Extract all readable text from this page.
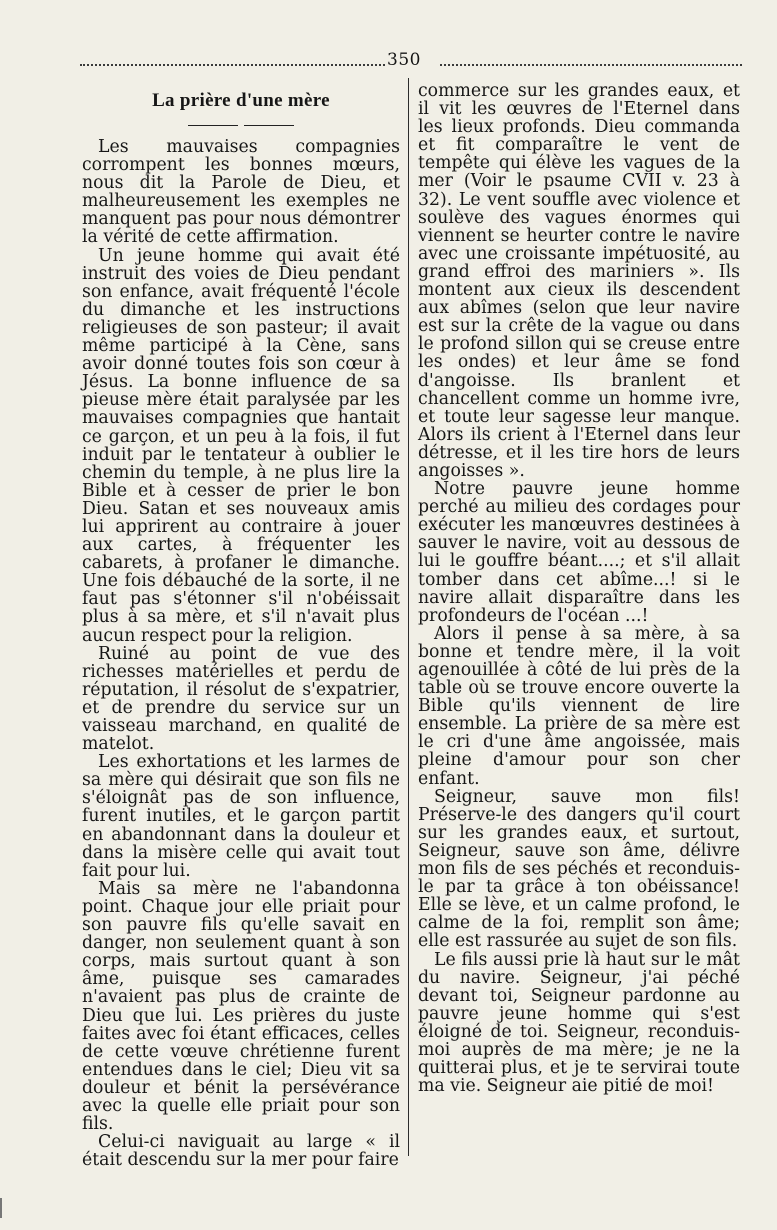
350
La prière d'une mère

Les mauvaises compagnies corrompent les bonnes mœurs, nous dit la Parole de Dieu, et malheureusement les exemples ne manquent pas pour nous démontrer la vérité de cette affirmation.

Un jeune homme qui avait été instruit des voies de Dieu pendant son enfance, avait fréquenté l'école du dimanche et les instructions religieuses de son pasteur; il avait même participé à la Cène, sans avoir donné toutes fois son cœur à Jésus. La bonne influence de sa pieuse mère était paralysée par les mauvaises compagnies que hantait ce garçon, et un peu à la fois, il fut induit par le tentateur à oublier le chemin du temple, à ne plus lire la Bible et à cesser de prier le bon Dieu. Satan et ses nouveaux amis lui apprirent au contraire à jouer aux cartes, à fréquenter les cabarets, à profaner le dimanche. Une fois débauché de la sorte, il ne faut pas s'étonner s'il n'obéissait plus à sa mère, et s'il n'avait plus aucun respect pour la religion.

Ruiné au point de vue des richesses matérielles et perdu de réputation, il résolut de s'expatrier, et de prendre du service sur un vaisseau marchand, en qualité de matelot.

Les exhortations et les larmes de sa mère qui désirait que son fils ne s'éloignât pas de son influence, furent inutiles, et le garçon partit en abandonnant dans la douleur et dans la misère celle qui avait tout fait pour lui.

Mais sa mère ne l'abandonna point. Chaque jour elle priait pour son pauvre fils qu'elle savait en danger, non seulement quant à son corps, mais surtout quant à son âme, puisque ses camarades n'avaient pas plus de crainte de Dieu que lui. Les prières du juste faites avec foi étant efficaces, celles de cette vœuve chrétienne furent entendues dans le ciel; Dieu vit sa douleur et bénit la persévérance avec la quelle elle priait pour son fils.

Celui-ci naviguait au large « il était descendu sur la mer pour faire

commerce sur les grandes eaux, et il vit les œuvres de l'Eternel dans les lieux profonds. Dieu commanda et fit comparaître le vent de tempête qui élève les vagues de la mer (Voir le psaume CVII v. 23 à 32). Le vent souffle avec violence et soulève des vagues énormes qui viennent se heurter contre le navire avec une croissante impétuosité, au grand effroi des mariniers ». Ils montent aux cieux ils descendent aux abîmes (selon que leur navire est sur la crête de la vague ou dans le profond sillon qui se creuse entre les ondes) et leur âme se fond d'angoisse. Ils branlent et chancellent comme un homme ivre, et toute leur sagesse leur manque. Alors ils crient à l'Eternel dans leur détresse, et il les tire hors de leurs angoisses ».

Notre pauvre jeune homme perché au milieu des cordages pour exécuter les manœuvres destinées à sauver le navire, voit au dessous de lui le gouffre béant....; et s'il allait tomber dans cet abîme...! si le navire allait disparaître dans les profondeurs de l'océan ...!

Alors il pense à sa mère, à sa bonne et tendre mère, il la voit agenouillée à côté de lui près de la table où se trouve encore ouverte la Bible qu'ils viennent de lire ensemble. La prière de sa mère est le cri d'une âme angoissée, mais pleine d'amour pour son cher enfant.

Seigneur, sauve mon fils! Préserve-le des dangers qu'il court sur les grandes eaux, et surtout, Seigneur, sauve son âme, délivre mon fils de ses péchés et reconduis-le par ta grâce à ton obéissance! Elle se lève, et un calme profond, le calme de la foi, remplit son âme; elle est rassurée au sujet de son fils.

Le fils aussi prie là haut sur le mât du navire. Seigneur, j'ai péché devant toi, Seigneur pardonne au pauvre jeune homme qui s'est éloigné de toi. Seigneur, reconduis-moi auprès de ma mère; je ne la quitterai plus, et je te servirai toute ma vie. Seigneur aie pitié de moi!
